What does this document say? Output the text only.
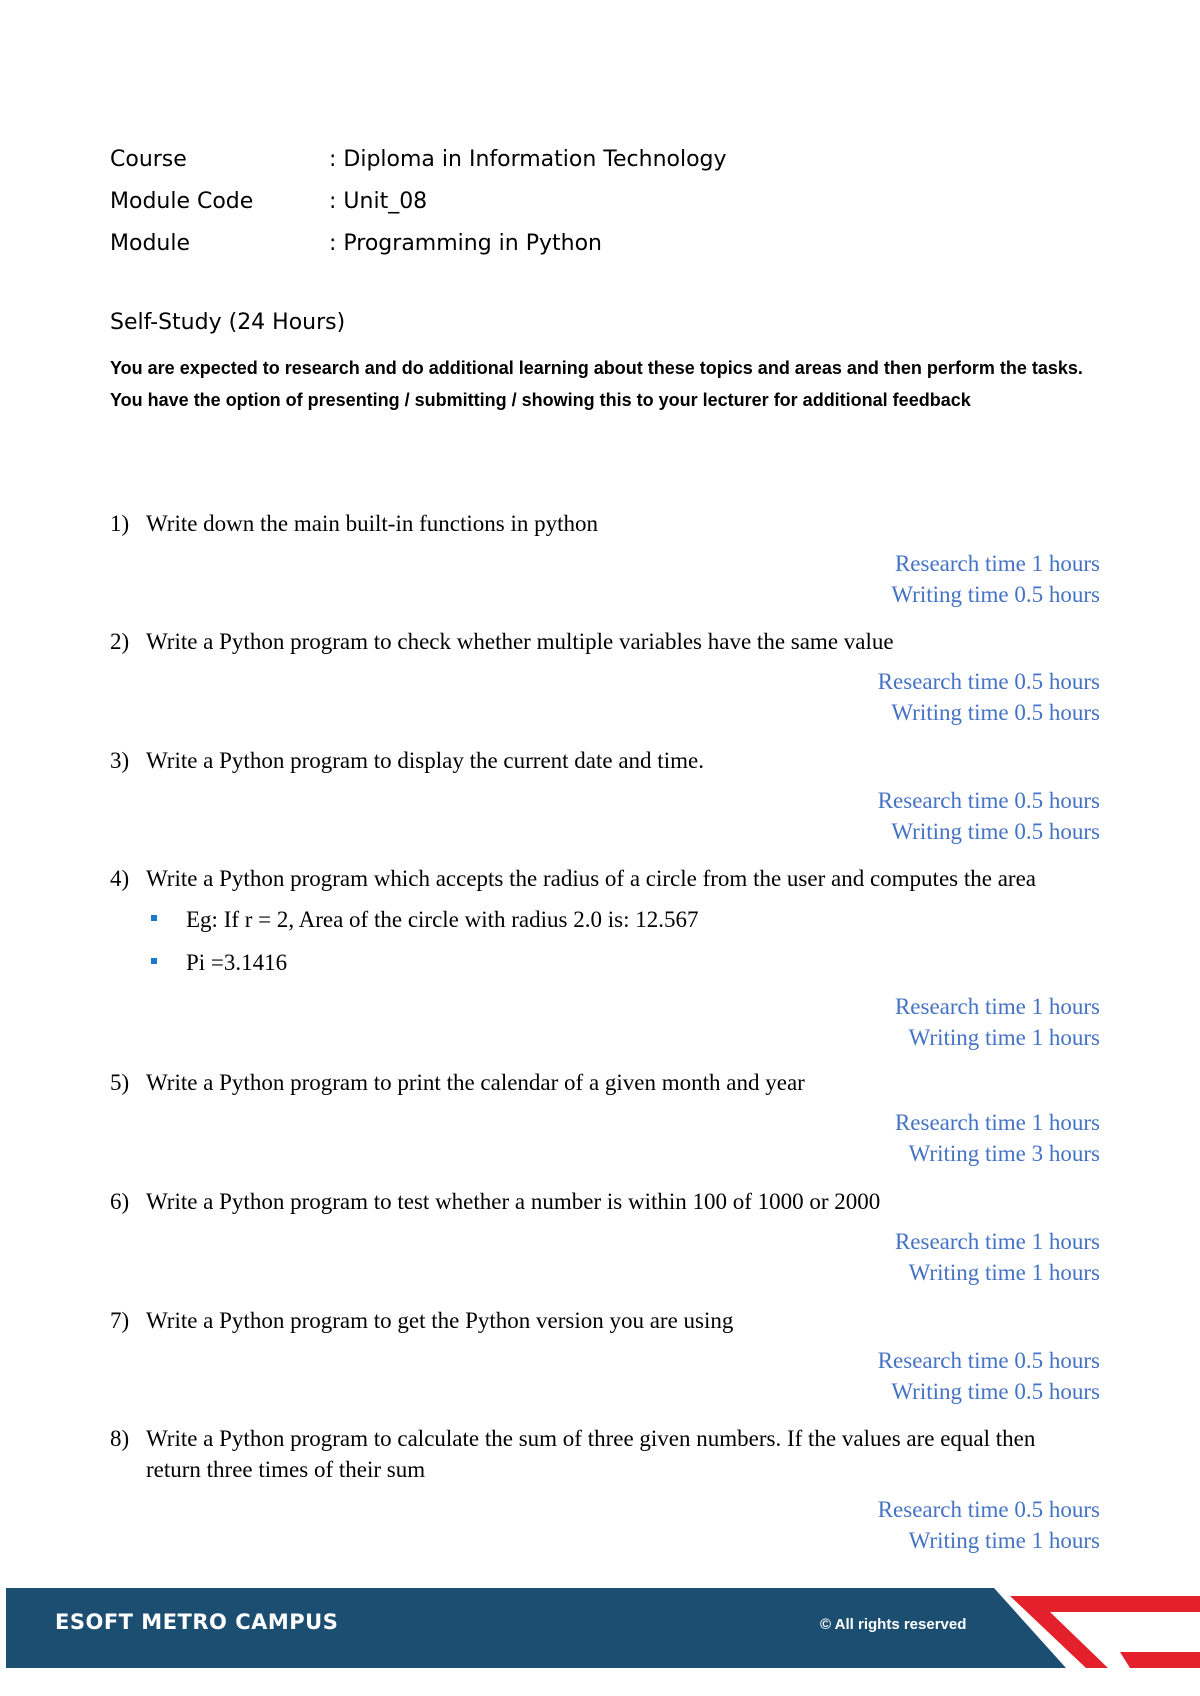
Course	: Diploma in Information Technology
Module Code	: Unit_08
Module	: Programming in Python
Self-Study (24 Hours)
You are expected to research and do additional learning about these topics and areas and then perform the tasks.
You have the option of presenting / submitting / showing this to your lecturer for additional feedback
1) Write down the main built-in functions in python
Research time 1 hours
Writing time 0.5 hours
2) Write a Python program to check whether multiple variables have the same value
Research time 0.5 hours
Writing time 0.5 hours
3) Write a Python program to display the current date and time.
Research time 0.5 hours
Writing time 0.5 hours
4) Write a Python program which accepts the radius of a circle from the user and computes the area
Eg: If r = 2, Area of the circle with radius 2.0 is: 12.567
Pi =3.1416
Research time 1 hours
Writing time 1 hours
5) Write a Python program to print the calendar of a given month and year
Research time 1 hours
Writing time 3 hours
6) Write a Python program to test whether a number is within 100 of 1000 or 2000
Research time 1 hours
Writing time 1 hours
7) Write a Python program to get the Python version you are using
Research time 0.5 hours
Writing time 0.5 hours
8) Write a Python program to calculate the sum of three given numbers. If the values are equal then
return three times of their sum
Research time 0.5 hours
Writing time 1 hours
ESOFT METRO CAMPUS	© All rights reserved
